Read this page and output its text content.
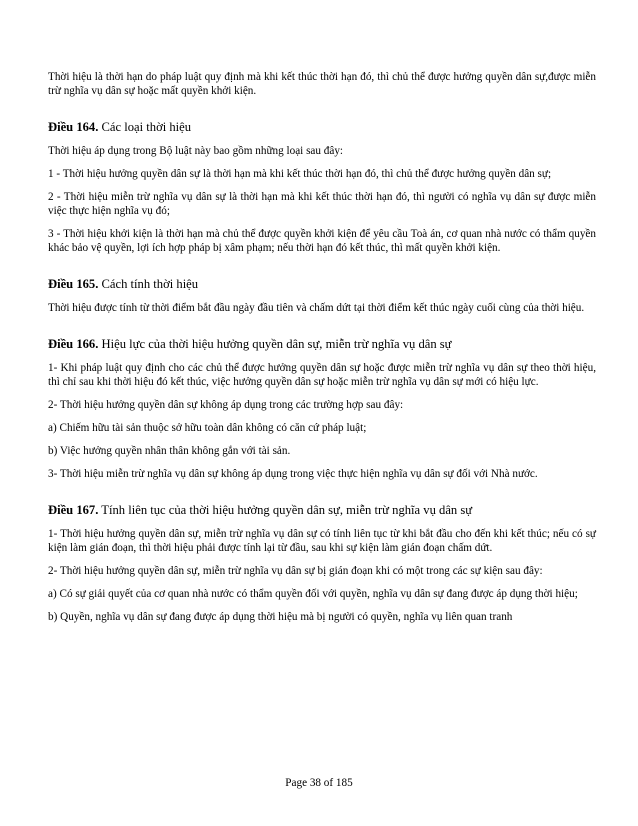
Thời hiệu là thời hạn do pháp luật quy định mà khi kết thúc thời hạn đó, thì chủ thể được hưởng quyền dân sự,được miễn trừ nghĩa vụ dân sự hoặc mất quyền khởi kiện.

Điều 164. Các loại thời hiệu

Thời hiệu áp dụng trong Bộ luật này bao gồm những loại sau đây:

1 - Thời hiệu hưởng quyền dân sự là thời hạn mà khi kết thúc thời hạn đó, thì chủ thể được hưởng quyền dân sự;

2 - Thời hiệu miễn trừ nghĩa vụ dân sự là thời hạn mà khi kết thúc thời hạn đó, thì người có nghĩa vụ dân sự được miễn việc thực hiện nghĩa vụ đó;

3 - Thời hiệu khởi kiện là thời hạn mà chủ thể được quyền khởi kiện để yêu cầu Toà án, cơ quan nhà nước có thẩm quyền khác bảo vệ quyền, lợi ích hợp pháp bị xâm phạm; nếu thời hạn đó kết thúc, thì mất quyền khởi kiện.

Điều 165. Cách tính thời hiệu

Thời hiệu được tính từ thời điểm bắt đầu ngày đầu tiên và chấm dứt tại thời điểm kết thúc ngày cuối cùng của thời hiệu.

Điều 166. Hiệu lực của thời hiệu hưởng quyền dân sự, miễn trừ nghĩa vụ dân sự

1- Khi pháp luật quy định cho các chủ thể được hưởng quyền dân sự hoặc được miễn trừ nghĩa vụ dân sự theo thời hiệu, thì chỉ sau khi thời hiệu đó kết thúc, việc hưởng quyền dân sự hoặc miễn trừ nghĩa vụ dân sự mới có hiệu lực.

2- Thời hiệu hưởng quyền dân sự không áp dụng trong các trường hợp sau đây:

a) Chiếm hữu tài sản thuộc sở hữu toàn dân không có căn cứ pháp luật;

b) Việc hưởng quyền nhân thân không gắn với tài sản.

3- Thời hiệu miễn trừ nghĩa vụ dân sự không áp dụng trong việc thực hiện nghĩa vụ dân sự đối với Nhà nước.

Điều 167. Tính liên tục của thời hiệu hưởng quyền dân sự, miễn trừ nghĩa vụ dân sự

1- Thời hiệu hưởng quyền dân sự, miễn trừ nghĩa vụ dân sự có tính liên tục từ khi bắt đầu cho đến khi kết thúc; nếu có sự kiện làm gián đoạn, thì thời hiệu phải được tính lại từ đầu, sau khi sự kiện làm gián đoạn chấm dứt.

2- Thời hiệu hưởng quyền dân sự, miễn trừ nghĩa vụ dân sự bị gián đoạn khi có một trong các sự kiện sau đây:

a) Có sự giải quyết của cơ quan nhà nước có thẩm quyền đối với quyền, nghĩa vụ dân sự đang được áp dụng thời hiệu;

b) Quyền, nghĩa vụ dân sự đang được áp dụng thời hiệu mà bị người có quyền, nghĩa vụ liên quan tranh

Page 38 of 185
